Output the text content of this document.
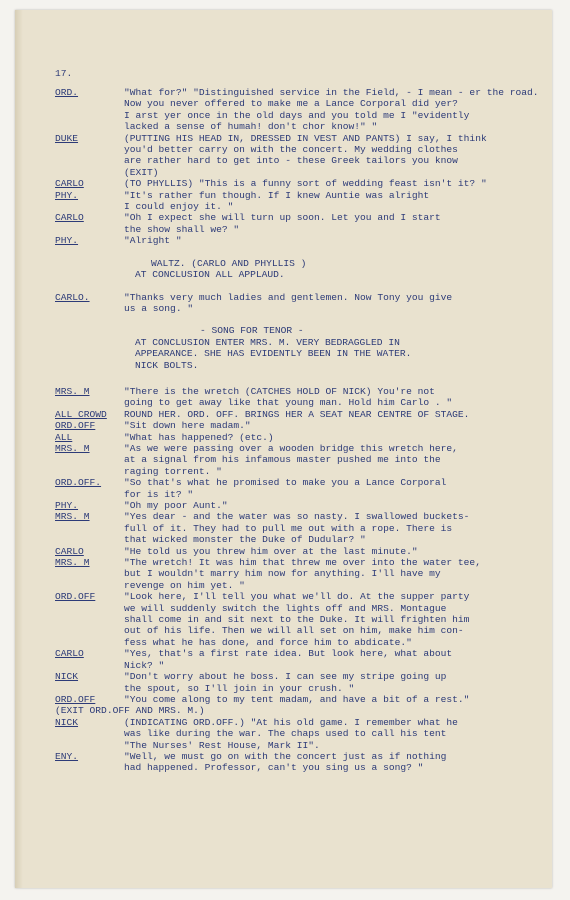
17.
ORD.	"What for?" "Distinguished service in the Field, - I mean - er the road.
Now you never offered to make me a Lance Corporal did yer?
I arst yer once in the old days and you told me I "evidently
lacked a sense of humah! don't chor know!" "
DUKE	(PUTTING HIS HEAD IN, DRESSED IN VEST AND PANTS) I say, I think
you'd better carry on with the concert. My wedding clothes
are rather hard to get into - these Greek tailors you know
(EXIT)
CARLO	(TO PHYLLIS) "This is a funny sort of wedding feast isn't it? "
PHY.	"It's rather fun though. If I knew Auntie was alright
I could enjoy it. "
CARLO	"Oh I expect she will turn up soon. Let you and I start
the show shall we? "
PHY.	"Alright "
WALTZ. (CARLO AND PHYLLIS )
AT CONCLUSION ALL APPLAUD.
CARLO.	"Thanks very much ladies and gentlemen. Now Tony you give
us a song. "
- SONG FOR TENOR -
AT CONCLUSION ENTER MRS. M. VERY BEDRAGGLED IN
APPEARANCE. SHE HAS EVIDENTLY BEEN IN THE WATER.
NICK BOLTS.
MRS. M	"There is the wretch (CATCHES HOLD OF NICK) You're not
going to get away like that young man. Hold him Carlo . "
ALL CROWD	ROUND HER. ORD. OFF. BRINGS HER A SEAT NEAR CENTRE OF STAGE.
ORD.OFF	"Sit down here madam."
ALL	"What has happened? (etc.)
MRS. M	"As we were passing over a wooden bridge this wretch here,
at a signal from his infamous master pushed me into the
raging torrent. "
ORD.OFF.	"So that's what he promised to make you a Lance Corporal
for is it? "
PHY.	"Oh my poor Aunt."
MRS. M	"Yes dear - and the water was so nasty. I swallowed buckets-
full of it. They had to pull me out with a rope. There is
that wicked monster the Duke of Dudular? "
CARLO	"He told us you threw him over at the last minute."
MRS. M	"The wretch! It was him that threw me over into the water tee,
but I wouldn't marry him now for anything. I'll have my
revenge on him yet. "
ORD.OFF	"Look here, I'll tell you what we'll do. At the supper party
we will suddenly switch the lights off and MRS. Montague
shall come in and sit next to the Duke. It will frighten him
out of his life. Then we will all set on him, make him con-
fess what he has done, and force him to abdicate."
CARLO	"Yes, that's a first rate idea. But look here, what about
Nick? "
NICK	"Don't worry about he boss. I can see my stripe going up
the spout, so I'll join in your crush. "
ORD.OFF	"You come along to my tent madam, and have a bit of a rest."
(EXIT ORD.OFF AND MRS. M.)
NICK	(INDICATING ORD.OFF.) "At his old game. I remember what he
was like during the war. The chaps used to call his tent
"The Nurses' Rest House, Mark II".
ENY.	"Well, we must go on with the concert just as if nothing
had happened. Professor, can't you sing us a song? "
